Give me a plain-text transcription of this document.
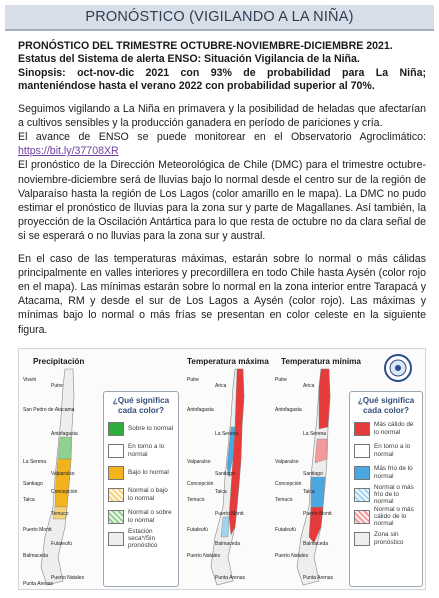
PRONÓSTICO (VIGILANDO A LA NIÑA)
PRONÓSTICO DEL TRIMESTRE OCTUBRE-NOVIEMBRE-DICIEMBRE 2021.
Estatus del Sistema de alerta ENSO: Situación Vigilancia de la Niña.
Sinopsis: oct-nov-dic 2021 con 93% de probabilidad para La Niña; manteniéndose hasta el verano 2022 con probabilidad superior al 70%.

Seguimos vigilando a La Niña en primavera y la posibilidad de heladas que afectarían a cultivos sensibles y la producción ganadera en período de pariciones y cría.

El avance de ENSO se puede monitorear en el Observatorio Agroclimático: https://bit.ly/37708XR

El pronóstico de la Dirección Meteorológica de Chile (DMC) para el trimestre octubre-noviembre-diciembre será de lluvias bajo lo normal desde el centro sur de la región de Valparaíso hasta la región de Los Lagos (color amarillo en le mapa). La DMC no pudo estimar el pronóstico de lluvias para la zona sur y parte de Magallanes. Así también, la proyección de la Oscilación Antártica para lo que resta de octubre no da clara señal de si se esperará o no lluvias para la zona sur y austral.

En el caso de las temperaturas máximas, estarán sobre lo normal o más cálidas principalmente en valles interiores y precordillera en todo Chile hasta Aysén (color rojo en el mapa). Las mínimas estarán sobre lo normal en la zona interior entre Tarapacá y Atacama, RM y desde el sur de Los Lagos a Aysén (color rojo). Las máximas y mínimas bajo lo normal o más frías se presentan en color celeste en la siguiente figura.

Precipitación
¿Qué significa cada color?
Sobre lo normal
En torno a lo normal
Bajo lo normal
Normal o bajo lo normal
Normal o sobre lo normal
Estación seca*/Sin pronóstico
Temperatura máxima Temperatura mínima
¿Qué significa cada color?
Más cálido de lo normal
En torno a lo normal
Más frío de lo normal
Normal o más frío de lo normal
Normal o más cálido de lo normal
Zona sin pronóstico
Visviri
Putre
San Pedro de Atacama
Antofagasta
La Serena
Valparaíso
Santiago
Concepción
Talca
Temuco
Puerto Montt
Futaleufú
Balmaceda
Puerto Natales
Punta Arenas
Putre
Arica
Antofagasta
La Serena
Valparaíso
Santiago
Concepción
Talca
Temuco
Puerto Montt
Futaleufú
Balmaceda
Puerto Natales
Punta Arenas
Putre
Arica
Antofagasta
La Serena
Valparaíso
Santiago
Concepción
Talca
Temuco
Puerto Montt
Futaleufú
Balmaceda
Puerto Natales
Punta Arenas
